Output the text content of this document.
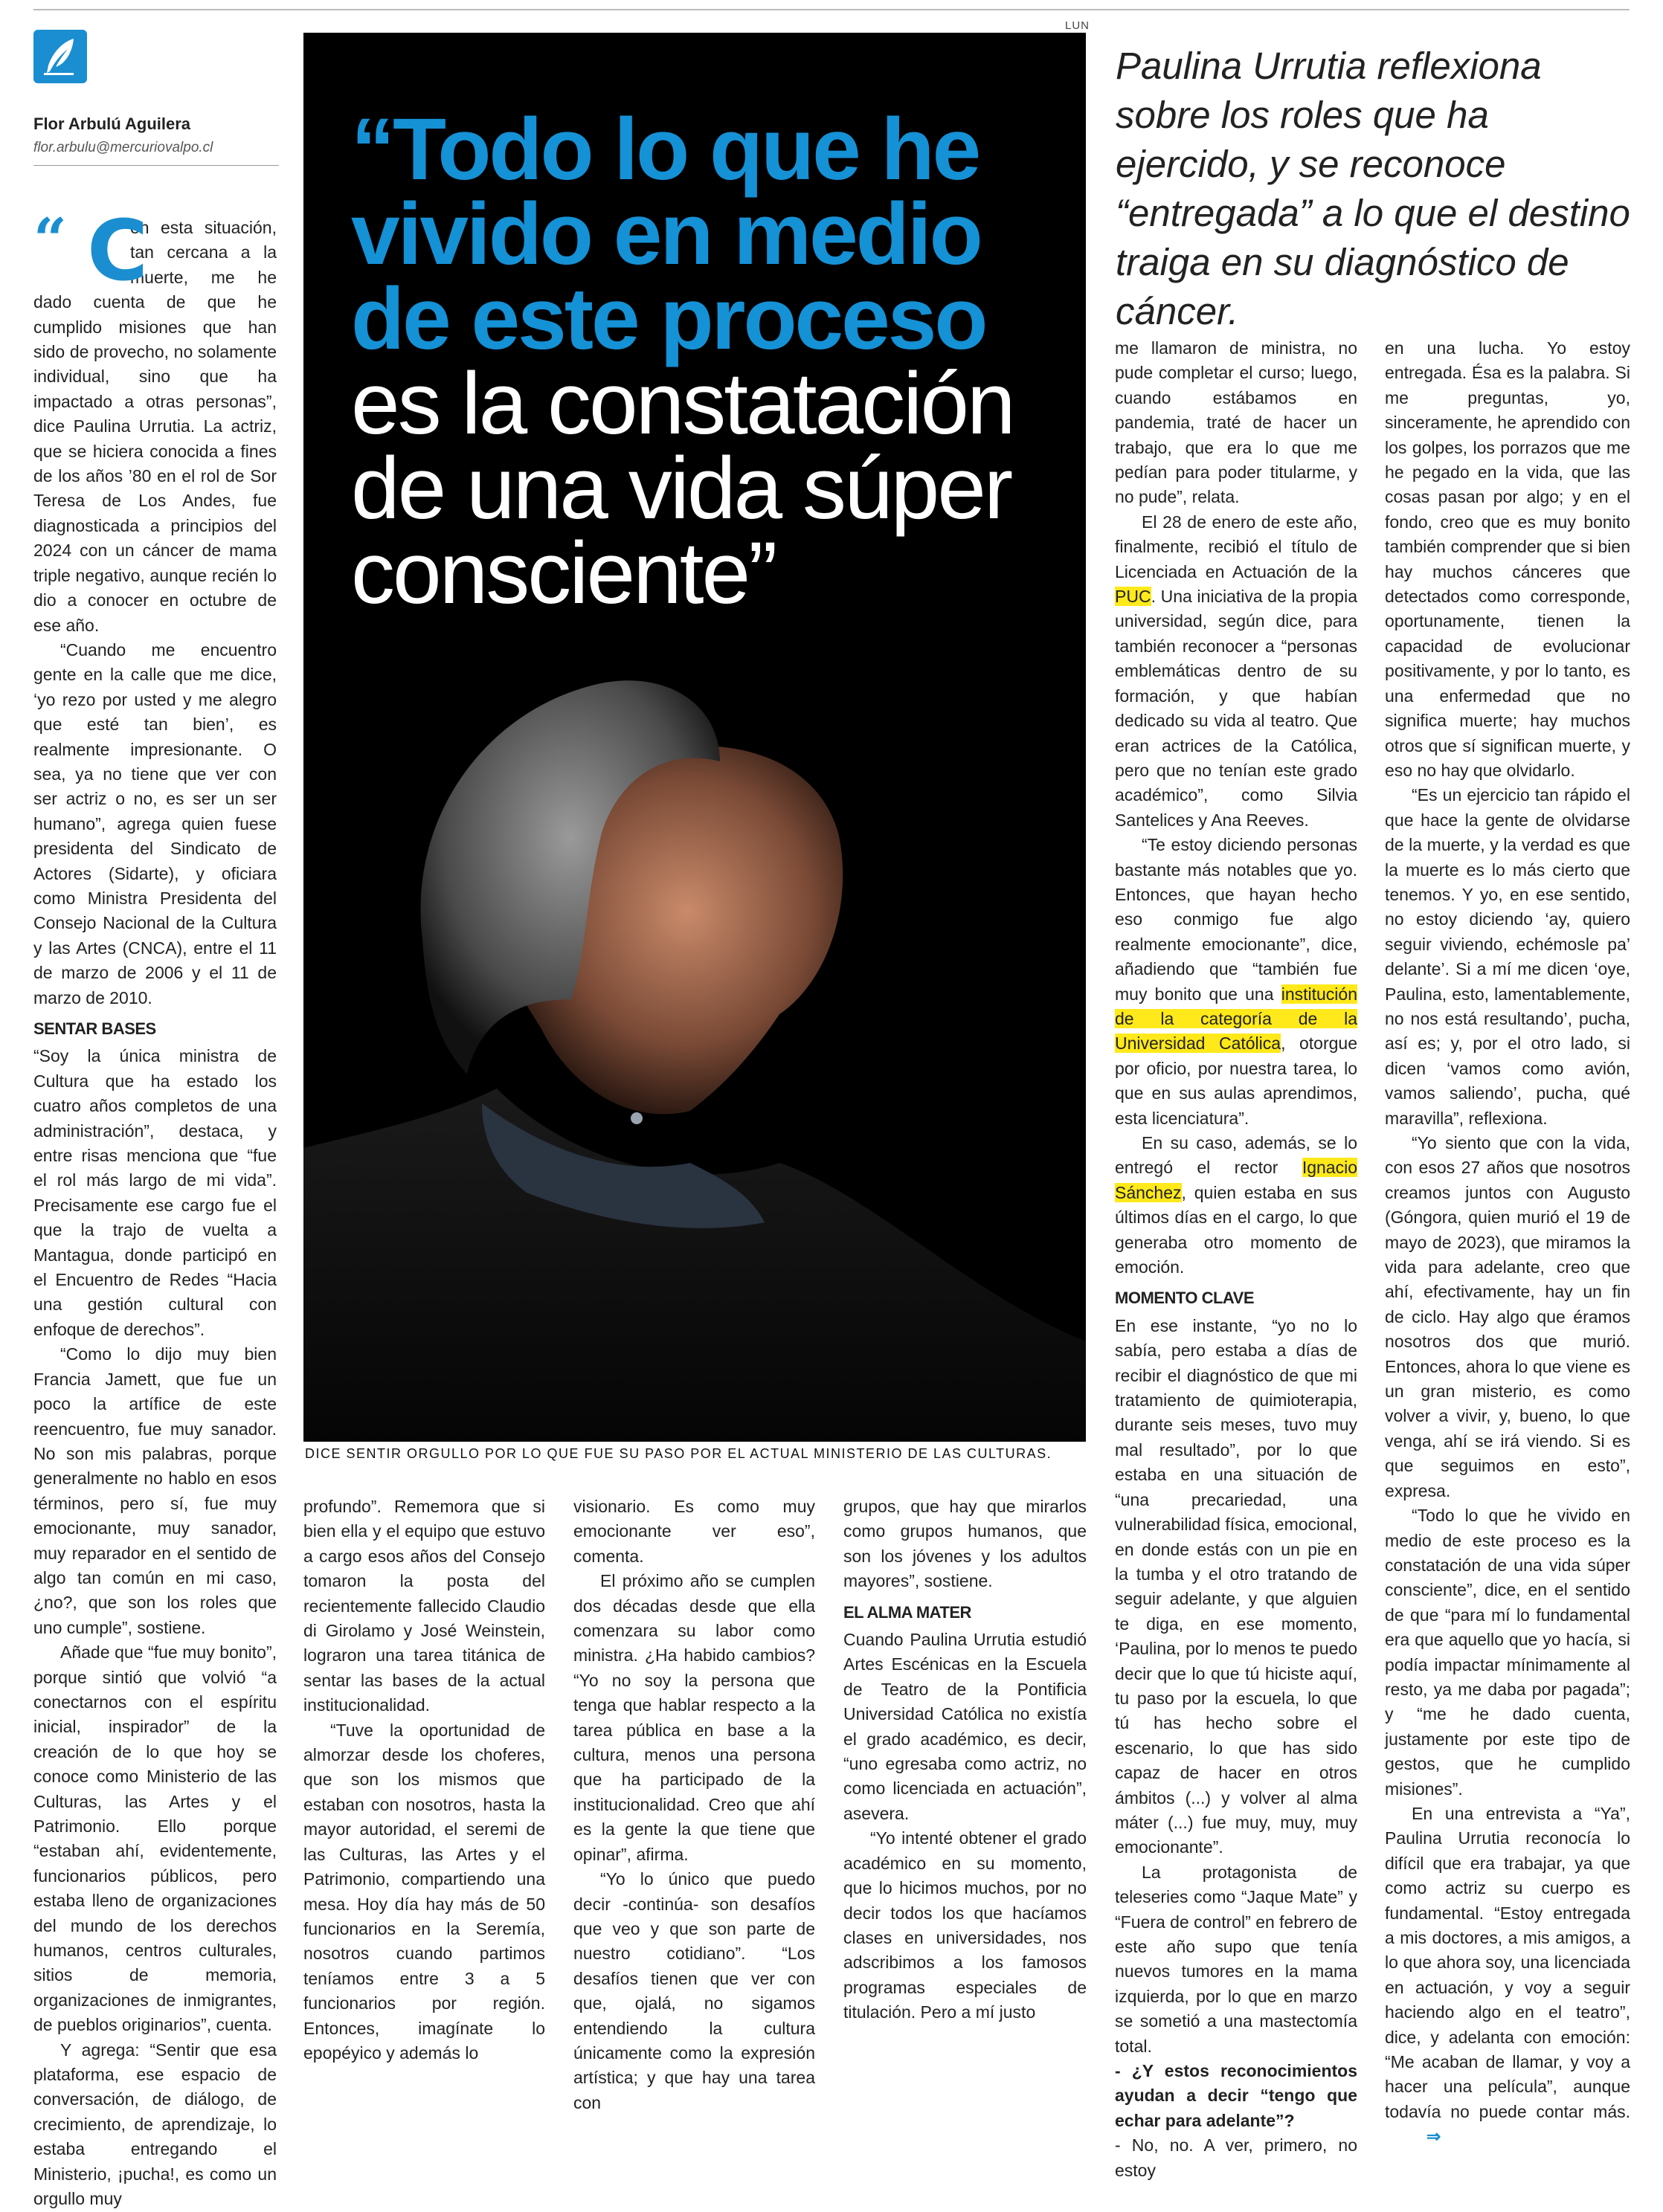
LUN
Flor Arbulú Aguilera
flor.arbulu@mercuriovalpo.cl
“ C

on esta situación, tan cercana a la muerte, me he dado cuenta de que he cumplido misiones que han sido de provecho, no solamente individual, sino que ha impactado a otras personas”, dice Paulina Urrutia. La actriz, que se hiciera conocida a fines de los años ’80 en el rol de Sor Teresa de Los Andes, fue diagnosticada a principios del 2024 con un cáncer de mama triple negativo, aunque recién lo dio a conocer en octubre de ese año.

“Cuando me encuentro gente en la calle que me dice, ‘yo rezo por usted y me alegro que esté tan bien’, es realmente impresionante. O sea, ya no tiene que ver con ser actriz o no, es ser un ser humano”, agrega quien fuese presidenta del Sindicato de Actores (Sidarte), y oficiara como Ministra Presidenta del Consejo Nacional de la Cultura y las Artes (CNCA), entre el 11 de marzo de 2006 y el 11 de marzo de 2010.

SENTAR BASES

“Soy la única ministra de Cultura que ha estado los cuatro años completos de una administración”, destaca, y entre risas menciona que “fue el rol más largo de mi vida”. Precisamente ese cargo fue el que la trajo de vuelta a Mantagua, donde participó en el Encuentro de Redes “Hacia una gestión cultural con enfoque de derechos”.

“Como lo dijo muy bien Francia Jamett, que fue un poco la artífice de este reencuentro, fue muy sanador. No son mis palabras, porque generalmente no hablo en esos términos, pero sí, fue muy emocionante, muy sanador, muy reparador en el sentido de algo tan común en mi caso, ¿no?, que son los roles que uno cumple”, sostiene.

Añade que “fue muy bonito”, porque sintió que volvió “a conectarnos con el espíritu inicial, inspirador” de la creación de lo que hoy se conoce como Ministerio de las Culturas, las Artes y el Patrimonio. Ello porque “estaban ahí, evidentemente, funcionarios públicos, pero estaba lleno de organizaciones del mundo de los derechos humanos, centros culturales, sitios de memoria, organizaciones de inmigrantes, de pueblos originarios”, cuenta.

Y agrega: “Sentir que esa plataforma, ese espacio de conversación, de diálogo, de crecimiento, de aprendizaje, lo estaba entregando el Ministerio, ¡pucha!, es como un orgullo muy

“Todo lo que he vivido en medio de este proceso es la constatación de una vida súper consciente”
DICE SENTIR ORGULLO POR LO QUE FUE SU PASO POR EL ACTUAL MINISTERIO DE LAS CULTURAS.
Paulina Urrutia reflexiona sobre los roles que ha ejercido, y se reconoce “entregada” a lo que el destino traiga en su diagnóstico de cáncer.

profundo”. Rememora que si bien ella y el equipo que estuvo a cargo esos años del Consejo tomaron la posta del recientemente fallecido Claudio di Girolamo y José Weinstein, lograron una tarea titánica de sentar las bases de la actual institucionalidad.

“Tuve la oportunidad de almorzar desde los choferes, que son los mismos que estaban con nosotros, hasta la mayor autoridad, el seremi de las Culturas, las Artes y el Patrimonio, compartiendo una mesa. Hoy día hay más de 50 funcionarios en la Seremía, nosotros cuando partimos teníamos entre 3 a 5 funcionarios por región. Entonces, imagínate lo epopéyico y además lo

visionario. Es como muy emocionante ver eso”, comenta.

El próximo año se cumplen dos décadas desde que ella comenzara su labor como ministra. ¿Ha habido cambios? “Yo no soy la persona que tenga que hablar respecto a la tarea pública en base a la cultura, menos una persona que ha participado de la institucionalidad. Creo que ahí es la gente la que tiene que opinar”, afirma.

“Yo lo único que puedo decir -continúa- son desafíos que veo y que son parte de nuestro cotidiano”. “Los desafíos tienen que ver con que, ojalá, no sigamos entendiendo la cultura únicamente como la expresión artística; y que hay una tarea con

grupos, que hay que mirarlos como grupos humanos, que son los jóvenes y los adultos mayores”, sostiene.

EL ALMA MATER

Cuando Paulina Urrutia estudió Artes Escénicas en la Escuela de Teatro de la Pontificia Universidad Católica no existía el grado académico, es decir, “uno egresaba como actriz, no como licenciada en actuación”, asevera.

“Yo intenté obtener el grado académico en su momento, que lo hicimos muchos, por no decir todos los que hacíamos clases en universidades, nos adscribimos a los famosos programas especiales de titulación. Pero a mí justo

me llamaron de ministra, no pude completar el curso; luego, cuando estábamos en pandemia, traté de hacer un trabajo, que era lo que me pedían para poder titularme, y no pude”, relata.

El 28 de enero de este año, finalmente, recibió el título de Licenciada en Actuación de la PUC. Una iniciativa de la propia universidad, según dice, para también reconocer a “personas emblemáticas dentro de su formación, y que habían dedicado su vida al teatro. Que eran actrices de la Católica, pero que no tenían este grado académico”, como Silvia Santelices y Ana Reeves.

“Te estoy diciendo personas bastante más notables que yo. Entonces, que hayan hecho eso conmigo fue algo realmente emocionante”, dice, añadiendo que “también fue muy bonito que una institución de la categoría de la Universidad Católica, otorgue por oficio, por nuestra tarea, lo que en sus aulas aprendimos, esta licenciatura”.

En su caso, además, se lo entregó el rector Ignacio Sánchez, quien estaba en sus últimos días en el cargo, lo que generaba otro momento de emoción.

MOMENTO CLAVE

En ese instante, “yo no lo sabía, pero estaba a días de recibir el diagnóstico de que mi tratamiento de quimioterapia, durante seis meses, tuvo muy mal resultado”, por lo que estaba en una situación de “una precariedad, una vulnerabilidad física, emocional, en donde estás con un pie en la tumba y el otro tratando de seguir adelante, y que alguien te diga, en ese momento, ‘Paulina, por lo menos te puedo decir que lo que tú hiciste aquí, tu paso por la escuela, lo que tú has hecho sobre el escenario, lo que has sido capaz de hacer en otros ámbitos (...) y volver al alma máter (...) fue muy, muy, muy emocionante”.

La protagonista de teleseries como “Jaque Mate” y “Fuera de control” en febrero de este año supo que tenía nuevos tumores en la mama izquierda, por lo que en marzo se sometió a una mastectomía total.

- ¿Y estos reconocimientos ayudan a decir “tengo que echar para adelante”?

- No, no. A ver, primero, no estoy

en una lucha. Yo estoy entregada. Ésa es la palabra. Si me preguntas, yo, sinceramente, he aprendido con los golpes, los porrazos que me he pegado en la vida, que las cosas pasan por algo; y en el fondo, creo que es muy bonito también comprender que si bien hay muchos cánceres que detectados como corresponde, oportunamente, tienen la capacidad de evolucionar positivamente, y por lo tanto, es una enfermedad que no significa muerte; hay muchos otros que sí significan muerte, y eso no hay que olvidarlo.

“Es un ejercicio tan rápido el que hace la gente de olvidarse de la muerte, y la verdad es que la muerte es lo más cierto que tenemos. Y yo, en ese sentido, no estoy diciendo ‘ay, quiero seguir viviendo, echémosle pa’ delante’. Si a mí me dicen ‘oye, Paulina, esto, lamentablemente, no nos está resultando’, pucha, así es; y, por el otro lado, si dicen ‘vamos como avión, vamos saliendo’, pucha, qué maravilla”, reflexiona.

“Yo siento que con la vida, con esos 27 años que nosotros creamos juntos con Augusto (Góngora, quien murió el 19 de mayo de 2023), que miramos la vida para adelante, creo que ahí, efectivamente, hay un fin de ciclo. Hay algo que éramos nosotros dos que murió. Entonces, ahora lo que viene es un gran misterio, es como volver a vivir, y, bueno, lo que venga, ahí se irá viendo. Si es que seguimos en esto”, expresa.

“Todo lo que he vivido en medio de este proceso es la constatación de una vida súper consciente”, dice, en el sentido de que “para mí lo fundamental era que aquello que yo hacía, si podía impactar mínimamente al resto, ya me daba por pagada”; y “me he dado cuenta, justamente por este tipo de gestos, que he cumplido misiones”.

En una entrevista a “Ya”, Paulina Urrutia reconocía lo difícil que era trabajar, ya que como actriz su cuerpo es fundamental. “Estoy entregada a mis doctores, a mis amigos, a lo que ahora soy, una licenciada en actuación, y voy a seguir haciendo algo en el teatro”, dice, y adelanta con emoción: “Me acaban de llamar, y voy a hacer una película”, aunque todavía no puede contar más.⇒
